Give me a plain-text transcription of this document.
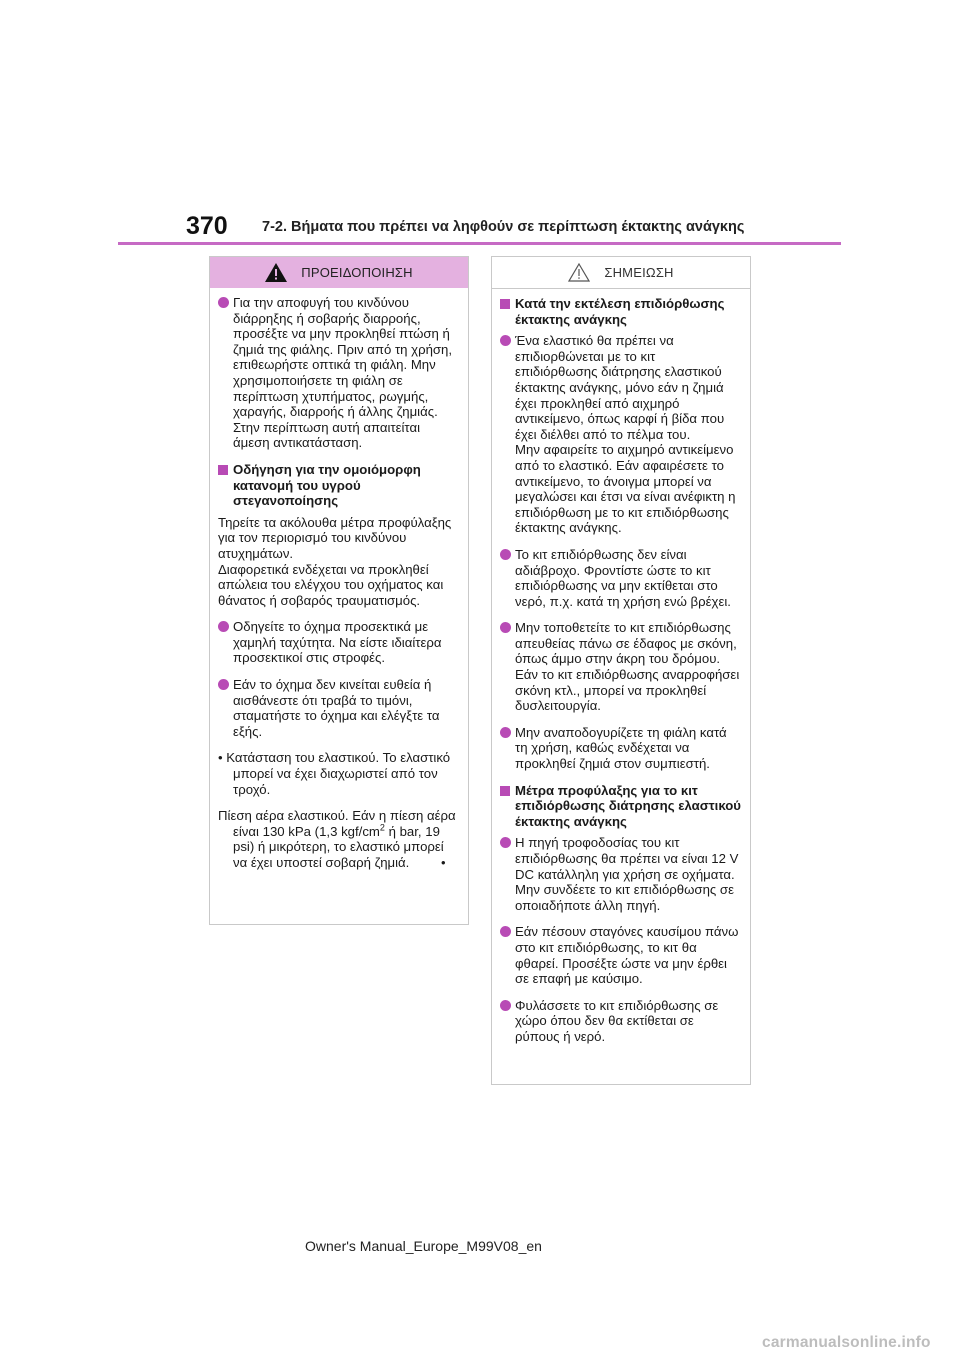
370 7-2. Βήματα που πρέπει να ληφθούν σε περίπτωση έκτακτης ανάγκης
ΠΡΟΕΙΔΟΠΟΙΗΣΗ
Για την αποφυγή του κινδύνου διάρρηξης ή σοβαρής διαρροής, προσέξτε να μην προκληθεί πτώση ή ζημιά της φιάλης. Πριν από τη χρήση, επιθεωρήστε οπτικά τη φιάλη. Μην χρησιμοποιήσετε τη φιάλη σε περίπτωση χτυπήματος, ρωγμής, χαραγής, διαρροής ή άλλης ζημιάς. Στην περίπτωση αυτή απαιτείται άμεση αντικατάσταση.
Οδήγηση για την ομοιόμορφη κατανομή του υγρού στεγανοποίησης
Τηρείτε τα ακόλουθα μέτρα προφύλαξης για τον περιορισμό του κινδύνου ατυχημάτων.
Διαφορετικά ενδέχεται να προκληθεί απώλεια του ελέγχου του οχήματος και θάνατος ή σοβαρός τραυματισμός.
Οδηγείτε το όχημα προσεκτικά με χαμηλή ταχύτητα. Να είστε ιδιαίτερα προσεκτικοί στις στροφές.
Εάν το όχημα δεν κινείται ευθεία ή αισθάνεστε ότι τραβά το τιμόνι, σταματήστε το όχημα και ελέγξτε τα εξής.
• Κατάσταση του ελαστικού. Το ελαστικό μπορεί να έχει διαχωριστεί από τον τροχό.
Πίεση αέρα ελαστικού. Εάν η πίεση αέρα είναι 130 kPa (1,3 kgf/$cm^2$ ή bar, 19 psi) ή μικρότερη, το ελαστικό μπορεί να έχει υποστεί σοβαρή ζημιά. •
ΣΗΜΕΙΩΣΗ
Κατά την εκτέλεση επιδιόρθωσης έκτακτης ανάγκης
Ένα ελαστικό θα πρέπει να επιδιορθώνεται με το κιτ επιδιόρθωσης διάτρησης ελαστικού έκτακτης ανάγκης, μόνο εάν η ζημιά έχει προκληθεί από αιχμηρό αντικείμενο, όπως καρφί ή βίδα που έχει διέλθει από το πέλμα του.
Μην αφαιρείτε το αιχμηρό αντικείμενο από το ελαστικό. Εάν αφαιρέσετε το αντικείμενο, το άνοιγμα μπορεί να μεγαλώσει και έτσι να είναι ανέφικτη η επιδιόρθωση με το κιτ επιδιόρθωσης έκτακτης ανάγκης.
Το κιτ επιδιόρθωσης δεν είναι αδιάβροχο. Φροντίστε ώστε το κιτ επιδιόρθωσης να μην εκτίθεται στο νερό, π.χ. κατά τη χρήση ενώ βρέχει.
Μην τοποθετείτε το κιτ επιδιόρθωσης απευθείας πάνω σε έδαφος με σκόνη, όπως άμμο στην άκρη του δρόμου. Εάν το κιτ επιδιόρθωσης αναρροφήσει σκόνη κτλ., μπορεί να προκληθεί δυσλειτουργία.
Μην αναποδογυρίζετε τη φιάλη κατά τη χρήση, καθώς ενδέχεται να προκληθεί ζημιά στον συμπιεστή.
Μέτρα προφύλαξης για το κιτ επιδιόρθωσης διάτρησης ελαστικού έκτακτης ανάγκης
Η πηγή τροφοδοσίας του κιτ επιδιόρθωσης θα πρέπει να είναι 12 V DC κατάλληλη για χρήση σε οχήματα. Μην συνδέετε το κιτ επιδιόρθωσης σε οποιαδήποτε άλλη πηγή.
Εάν πέσουν σταγόνες καυσίμου πάνω στο κιτ επιδιόρθωσης, το κιτ θα φθαρεί. Προσέξτε ώστε να μην έρθει σε επαφή με καύσιμο.
Φυλάσσετε το κιτ επιδιόρθωσης σε χώρο όπου δεν θα εκτίθεται σε ρύπους ή νερό.
Owner's Manual_Europe_M99V08_en
carmanualsonline.info
